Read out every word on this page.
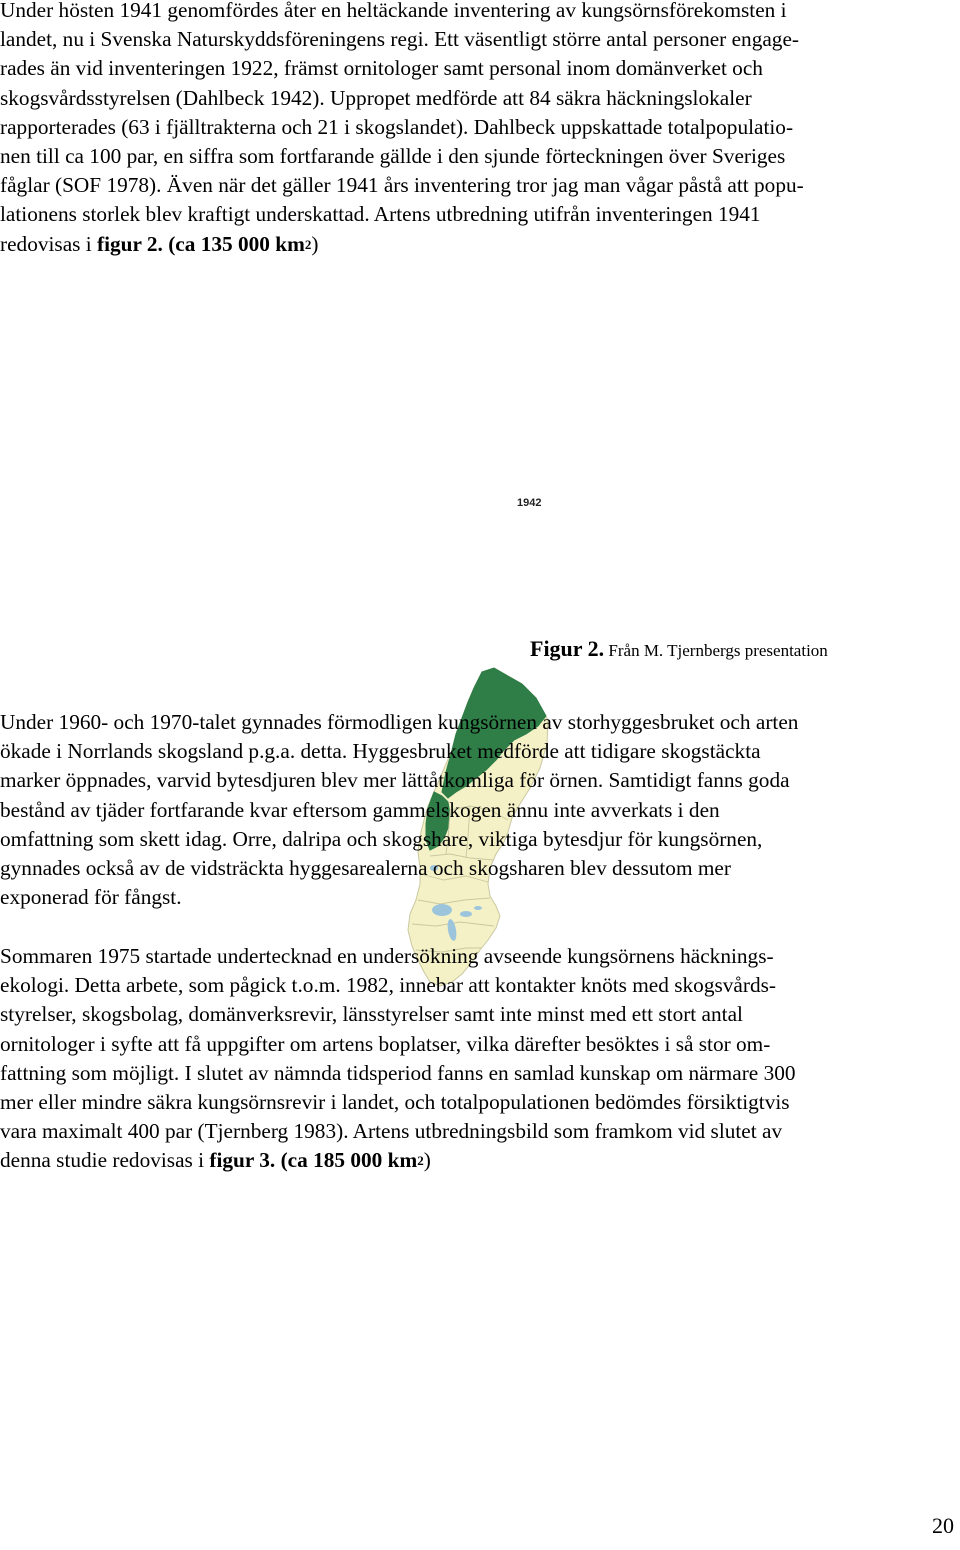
Under hösten 1941 genomfördes åter en heltäckande inventering av kungsörnsförekomsten i
landet, nu i Svenska Naturskyddsföreningens regi. Ett väsentligt större antal personer engage-
rades än vid inventeringen 1922, främst ornitologer samt personal inom domänverket och
skogsvårdsstyrelsen (Dahlbeck 1942). Uppropet medförde att 84 säkra häckningslokaler
rapporterades (63 i fjälltrakterna och 21 i skogslandet). Dahlbeck uppskattade totalpopulatio-
nen till ca 100 par, en siffra som fortfarande gällde i den sjunde förteckningen över Sveriges
fåglar (SOF 1978). Även när det gäller 1941 års inventering tror jag man vågar påstå att popu-
lationens storlek blev kraftigt underskattad. Artens utbredning utifrån inventeringen 1941
redovisas i figur 2. (ca 135 000 $km^2$)
1942
Figur 2. Från M. Tjernbergs presentation
Under 1960- och 1970-talet gynnades förmodligen kungsörnen av storhyggesbruket och arten
ökade i Norrlands skogsland p.g.a. detta. Hyggesbruket medförde att tidigare skogstäckta
marker öppnades, varvid bytesdjuren blev mer lättåtkomliga för örnen. Samtidigt fanns goda
bestånd av tjäder fortfarande kvar eftersom gammelskogen ännu inte avverkats i den
omfattning som skett idag. Orre, dalripa och skogshare, viktiga bytesdjur för kungsörnen,
gynnades också av de vidsträckta hyggesarealerna och skogsharen blev dessutom mer
exponerad för fångst.
Sommaren 1975 startade undertecknad en undersökning avseende kungsörnens häcknings-
ekologi. Detta arbete, som pågick t.o.m. 1982, innebar att kontakter knöts med skogsvårds-
styrelser, skogsbolag, domänverksrevir, länsstyrelser samt inte minst med ett stort antal
ornitologer i syfte att få uppgifter om artens boplatser, vilka därefter besöktes i så stor om-
fattning som möjligt. I slutet av nämnda tidsperiod fanns en samlad kunskap om närmare 300
mer eller mindre säkra kungsörnsrevir i landet, och totalpopulationen bedömdes försiktigtvis
vara maximalt 400 par (Tjernberg 1983). Artens utbredningsbild som framkom vid slutet av
denna studie redovisas i figur 3. (ca 185 000 $km^2$)
20
